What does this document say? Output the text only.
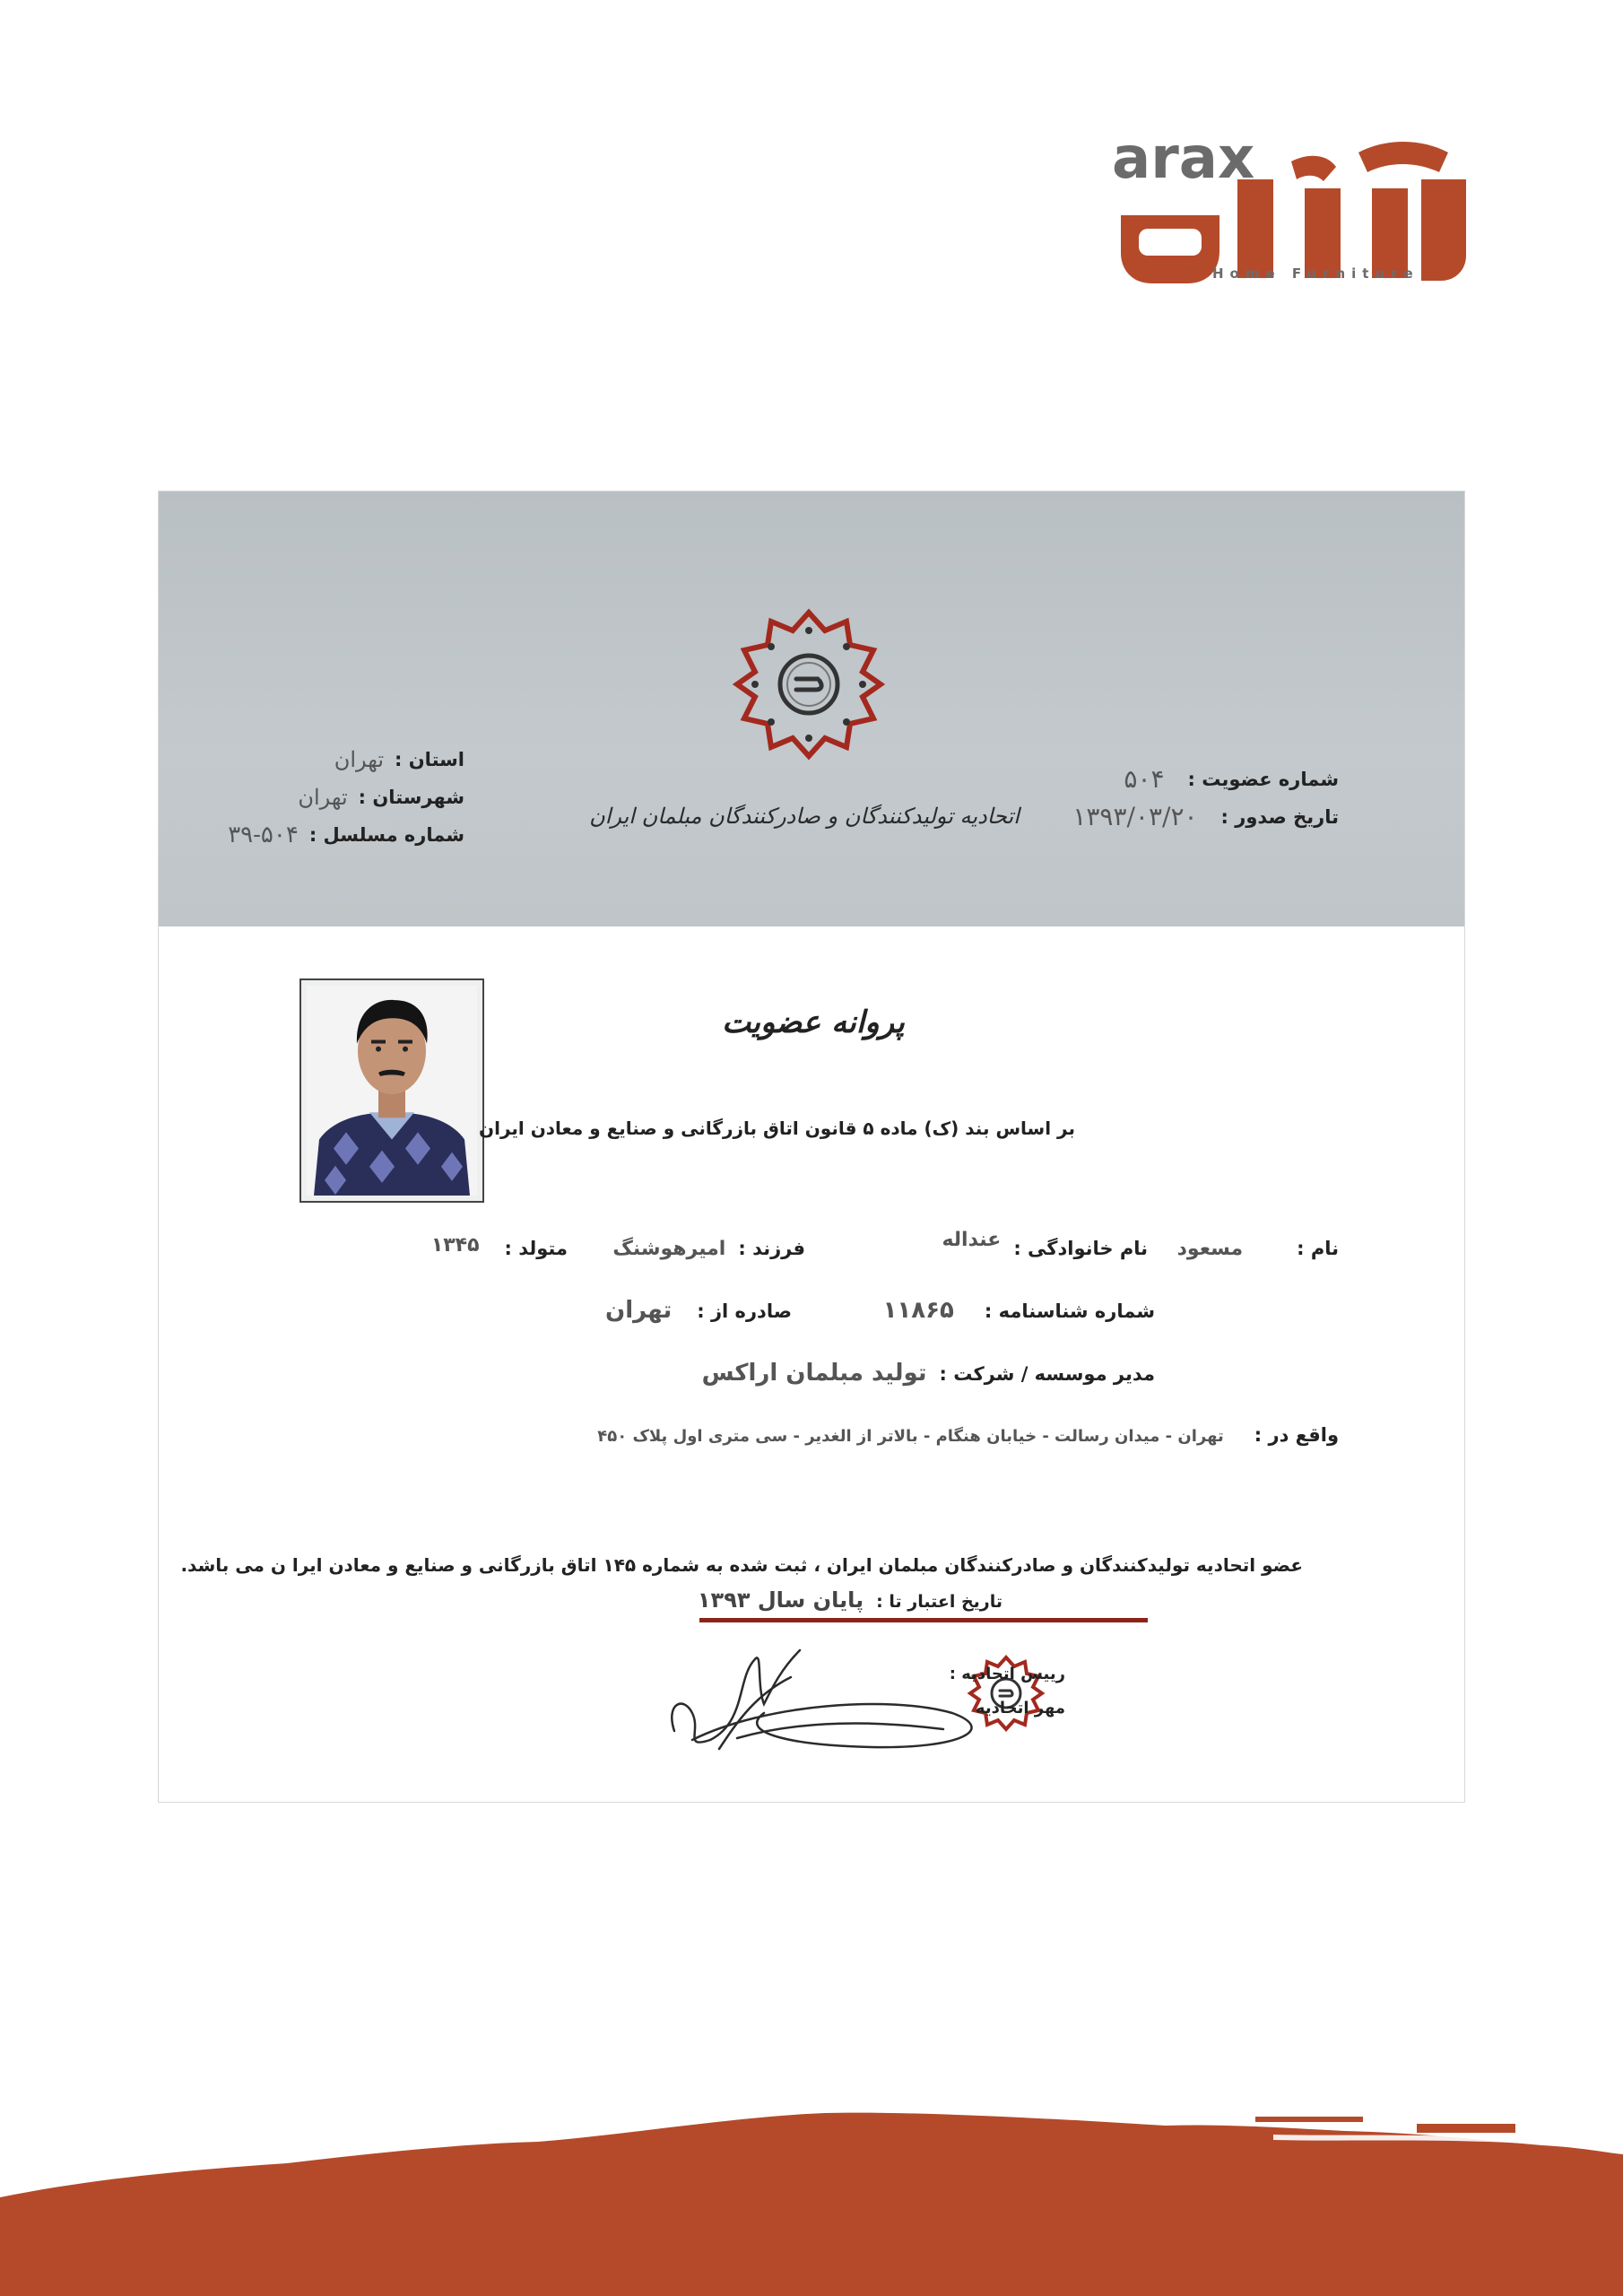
arax
Home Furniture
اتحادیه تولیدکنندگان و صادرکنندگان مبلمان ایران
استان :
تهران
شهرستان :
تهران
شماره مسلسل :
۳۹-۵۰۴
شماره عضویت :
۵۰۴
تاریخ صدور :
۱۳۹۳/۰۳/۲۰
پروانه عضویت
بر اساس بند (ک) ماده ۵ قانون اتاق بازرگانی و صنایع و معادن ایران
نام :
مسعود
نام خانوادگی :
عنداله
فرزند :
امیرهوشنگ
متولد :
۱۳۴۵
شماره شناسنامه :
۱۱۸۶۵
صادره از :
تهران
مدیر موسسه / شرکت :
تولید مبلمان اراکس
واقع در :
تهران - میدان رسالت - خیابان هنگام - بالاتر از الغدیر - سی متری اول پلاک ۴۵۰
عضو اتحادیه تولیدکنندگان و صادرکنندگان مبلمان ایران ، ثبت شده به شماره ۱۴۵ اتاق بازرگانی و صنایع و معادن ایرا ن می باشد.
تاریخ اعتبار تا :
پایان سال ۱۳۹۳
رییس اتحادیه :
مهر اتحادیه
